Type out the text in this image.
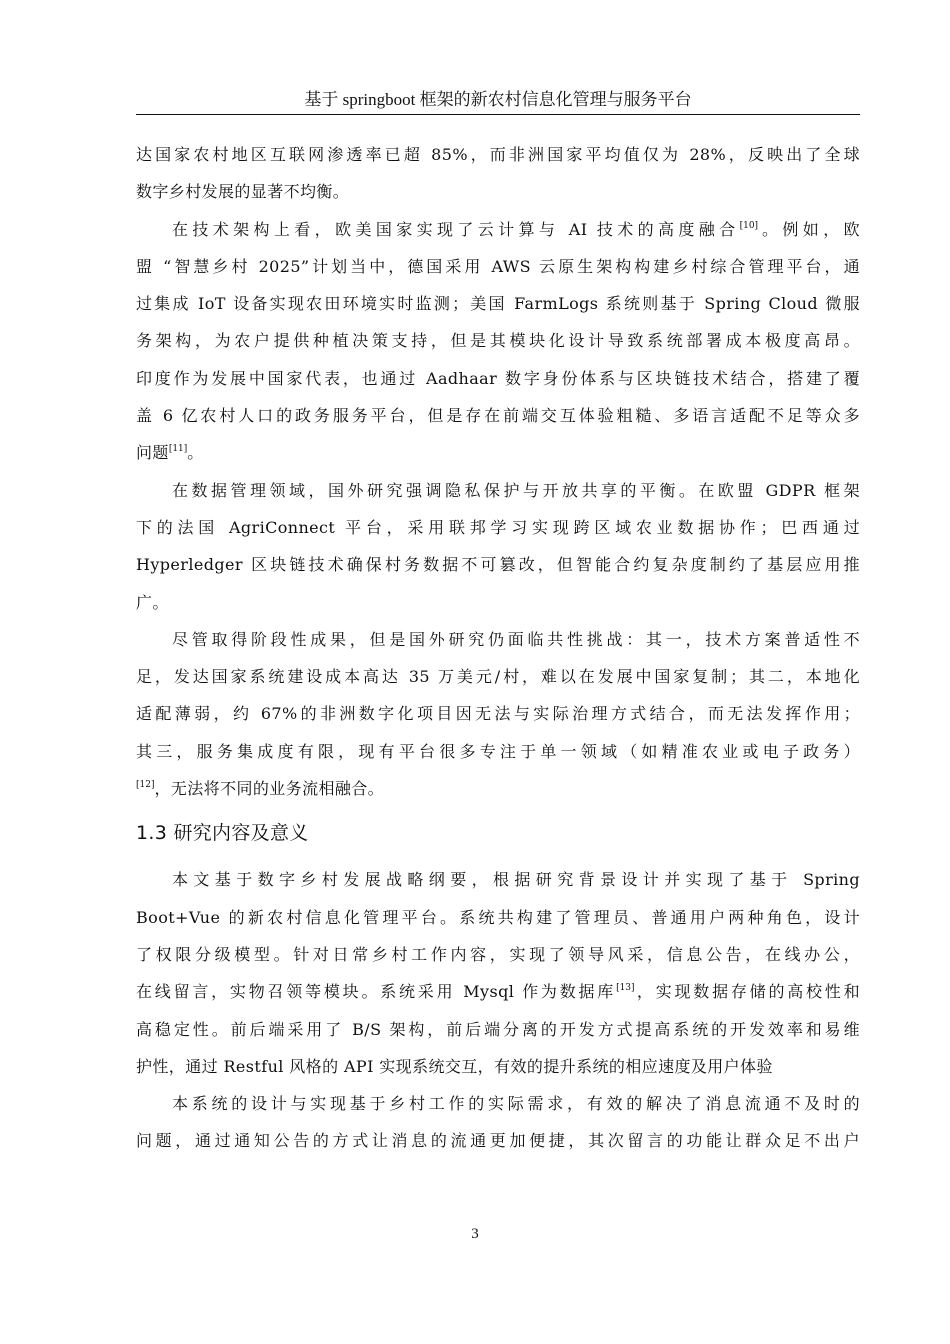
基于 springboot 框架的新农村信息化管理与服务平台
达国家农村地区互联网渗透率已超 85%，而非洲国家平均值仅为 28%，反映出了全球
数字乡村发展的显著不均衡。
在技术架构上看，欧美国家实现了云计算与 AI 技术的高度融合[10]。例如，欧
盟 “智慧乡村 2025”计划当中，德国采用 AWS 云原生架构构建乡村综合管理平台，通
过集成 IoT 设备实现农田环境实时监测；美国 FarmLogs 系统则基于 Spring Cloud 微服
务架构，为农户提供种植决策支持，但是其模块化设计导致系统部署成本极度高昂。
印度作为发展中国家代表，也通过 Aadhaar 数字身份体系与区块链技术结合，搭建了覆
盖 6 亿农村人口的政务服务平台，但是存在前端交互体验粗糙、多语言适配不足等众多
问题[11]。
在数据管理领域，国外研究强调隐私保护与开放共享的平衡。在欧盟 GDPR 框架
下的法国 AgriConnect 平台，采用联邦学习实现跨区域农业数据协作；巴西通过
Hyperledger 区块链技术确保村务数据不可篡改，但智能合约复杂度制约了基层应用推
广。
尽管取得阶段性成果，但是国外研究仍面临共性挑战：其一，技术方案普适性不
足，发达国家系统建设成本高达 35 万美元/村，难以在发展中国家复制；其二，本地化
适配薄弱，约 67%的非洲数字化项目因无法与实际治理方式结合，而无法发挥作用；
其三，服务集成度有限，现有平台很多专注于单一领域（如精准农业或电子政务）
[12]，无法将不同的业务流相融合。
1.3 研究内容及意义
本文基于数字乡村发展战略纲要，根据研究背景设计并实现了基于 Spring
Boot+Vue 的新农村信息化管理平台。系统共构建了管理员、普通用户两种角色，设计
了权限分级模型。针对日常乡村工作内容，实现了领导风采，信息公告，在线办公，
在线留言，实物召领等模块。系统采用 Mysql 作为数据库[13]，实现数据存储的高校性和
高稳定性。前后端采用了 B/S 架构，前后端分离的开发方式提高系统的开发效率和易维
护性，通过 Restful 风格的 API 实现系统交互，有效的提升系统的相应速度及用户体验
本系统的设计与实现基于乡村工作的实际需求，有效的解决了消息流通不及时的
问题，通过通知公告的方式让消息的流通更加便捷，其次留言的功能让群众足不出户
3
